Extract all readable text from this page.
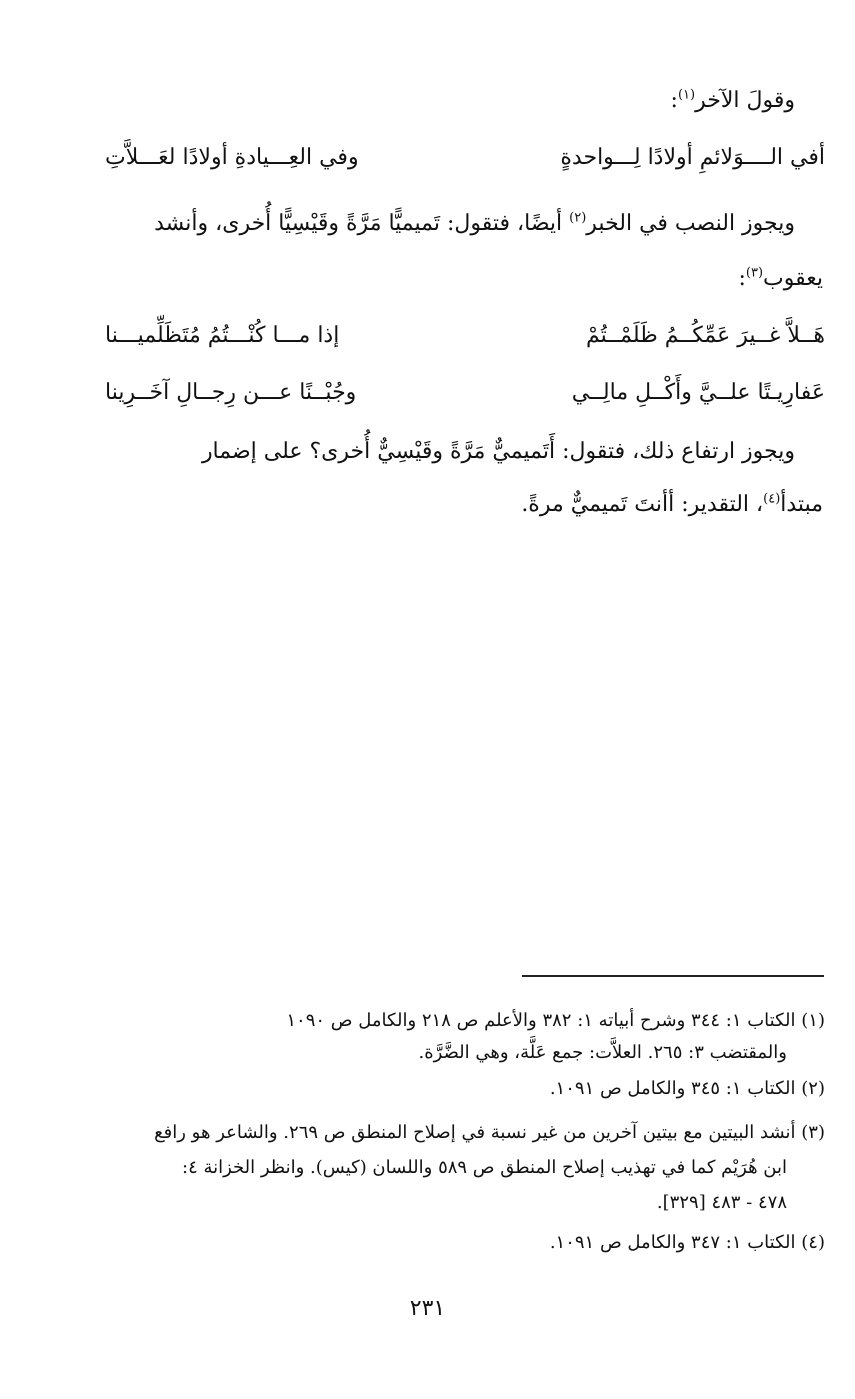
وقولَ الآخر$^{(١)}$:
أفي الــــوَلائمِ أولادًا لِـــواحدةٍ
وفي العِـــيادةِ أولادًا لعَـــلاَّتِ
ويجوز النصب في الخبر$^{(٢)}$ أيضًا، فتقول: تَميميًّا مَرَّةً وقَيْسِيًّا أُخرى، وأنشد
يعقوب$^{(٣)}$:
هَــلاَّ غــيرَ عَمِّكُــمُ ظَلَمْــتُمْ
إذا مـــا كُنْـــتُمُ مُتَظَلِّميـــنا
عَفارِيـتًا علــيَّ وأَكْــلِ مالِــي
وجُبْــنًا عـــن رِجــالِ آخَــرِينا
ويجوز ارتفاع ذلك، فتقول: أَتَميميٌّ مَرَّةً وقَيْسِيٌّ أُخرى؟ على إضمار
مبتدأ$^{(٤)}$، التقدير: أأنتَ تَميميٌّ مرةً.
(١) الكتاب ١: ٣٤٤ وشرح أبياته ١: ٣٨٢ والأعلم ص ٢١٨ والكامل ص ١٠٩٠
والمقتضب ٣: ٢٦٥. العلاَّت: جمع عَلَّة، وهي الضَّرَّة.
(٢) الكتاب ١: ٣٤٥ والكامل ص ١٠٩١.
(٣) أنشد البيتين مع بيتين آخرين من غير نسبة في إصلاح المنطق ص ٢٦٩. والشاعر هو رافع
ابن هُرَيْم كما في تهذيب إصلاح المنطق ص ٥٨٩ واللسان (كيس). وانظر الخزانة ٤:
٤٧٨ - ٤٨٣ [٣٢٩].
(٤) الكتاب ١: ٣٤٧ والكامل ص ١٠٩١.
٢٣١
